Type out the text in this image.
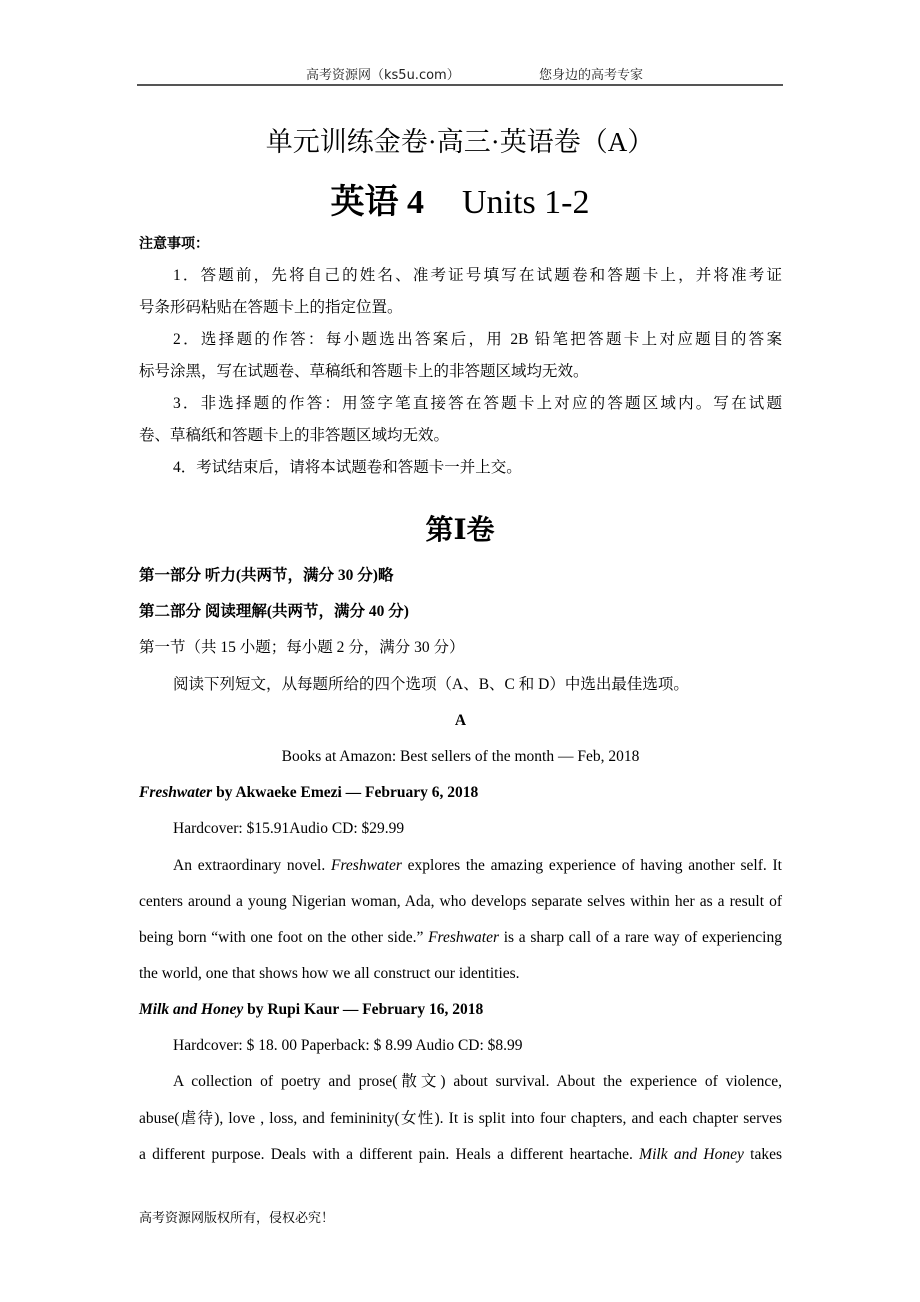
高考资源网（ks5u.com）	您身边的高考专家
单元训练金卷·高三·英语卷（A）
英语 4 Units 1-2
注意事项：
1．答题前，先将自己的姓名、准考证号填写在试题卷和答题卡上，并将准考证
号条形码粘贴在答题卡上的指定位置。
2．选择题的作答：每小题选出答案后，用 2B 铅笔把答题卡上对应题目的答案
标号涂黑，写在试题卷、草稿纸和答题卡上的非答题区域均无效。
3．非选择题的作答：用签字笔直接答在答题卡上对应的答题区域内。写在试题
卷、草稿纸和答题卡上的非答题区域均无效。
4．考试结束后，请将本试题卷和答题卡一并上交。
第Ⅰ卷
第一部分 听力(共两节，满分 30 分)略
第二部分 阅读理解(共两节，满分 40 分)
第一节（共 15 小题；每小题 2 分，满分 30 分）
阅读下列短文，从每题所给的四个选项（A、B、C 和 D）中选出最佳选项。
A
Books at Amazon: Best sellers of the month — Feb, 2018
Freshwater by Akwaeke Emezi — February 6, 2018
Hardcover: $15.91Audio CD: $29.99
An extraordinary novel. Freshwater explores the amazing experience of having another self. It
centers around a young Nigerian woman, Ada, who develops separate selves within her as a result of
being born “with one foot on the other side.” Freshwater is a sharp call of a rare way of experiencing
the world, one that shows how we all construct our identities.
Milk and Honey by Rupi Kaur — February 16, 2018
Hardcover: $ 18. 00 Paperback: $ 8.99 Audio CD: $8.99
A collection of poetry and prose(散文) about survival. About the experience of violence,
abuse(虐待), love , loss, and femininity(女性). It is split into four chapters, and each chapter serves
a different purpose. Deals with a different pain. Heals a different heartache. Milk and Honey takes
高考资源网版权所有，侵权必究！
